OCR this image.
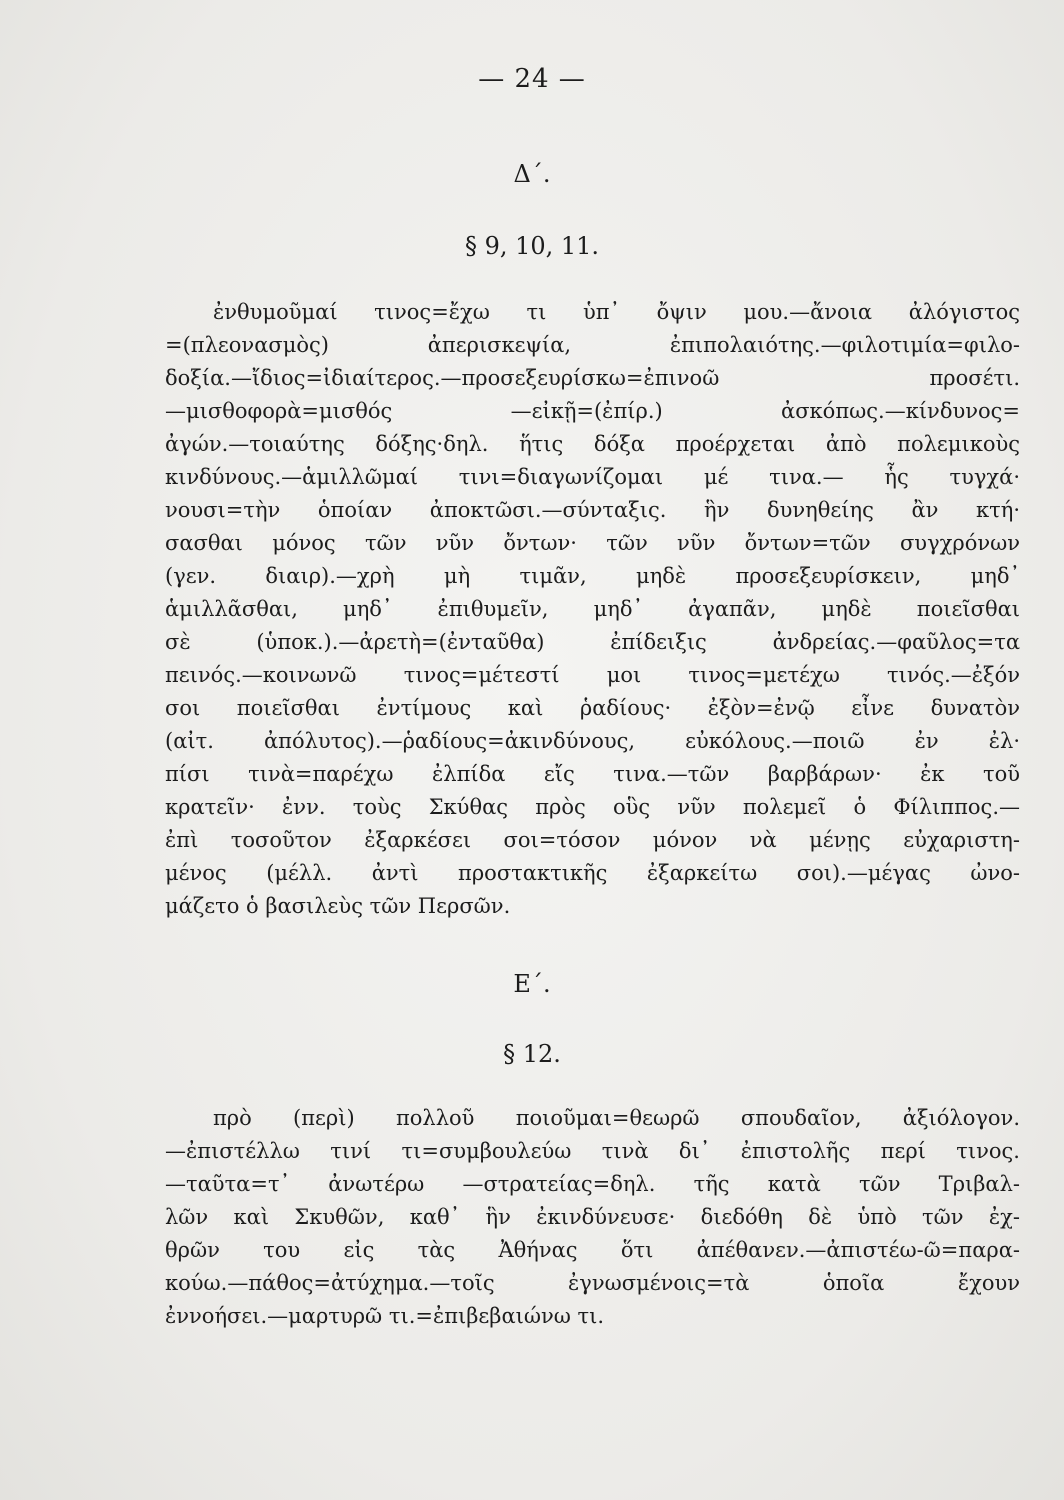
— 24 —
Δ΄.
§ 9, 10, 11.
ἐνθυμοῦμαί τινος=ἔχω τι ὑπ᾽ ὄψιν μου.—ἄνοια ἀλόγιστος
=(πλεονασμὸς) ἀπερισκεψία, ἐπιπολαιότης.—φιλοτιμία=φιλο-
δοξία.—ἴδιος=ἰδιαίτερος.—προσεξευρίσκω=ἐπινοῶ προσέτι.
—μισθοφορὰ=μισθός —εἰκῇ=(ἐπίρ.) ἀσκόπως.—κίνδυνος=
ἀγών.—τοιαύτης δόξης·δηλ. ἥτις δόξα προέρχεται ἀπὸ πολεμικοὺς
κινδύνους.—ἁμιλλῶμαί τινι=διαγωνίζομαι μέ τινα.— ἧς τυγχά·
νουσι=τὴν ὁποίαν ἀποκτῶσι.—σύνταξις. ἣν δυνηθείης ἂν κτή·
σασθαι μόνος τῶν νῦν ὄντων· τῶν νῦν ὄντων=τῶν συγχρόνων
(γεν. διαιρ).—χρὴ μὴ τιμᾶν, μηδὲ προσεξευρίσκειν, μηδ᾽
ἁμιλλᾶσθαι, μηδ᾽ ἐπιθυμεῖν, μηδ᾽ ἀγαπᾶν, μηδὲ ποιεῖσθαι
σὲ (ὑποκ.).—ἀρετὴ=(ἐνταῦθα) ἐπίδειξις ἀνδρείας.—φαῦλος=τα
πεινός.—κοινωνῶ τινος=μέτεστί μοι τινος=μετέχω τινός.—ἐξόν
σοι ποιεῖσθαι ἐντίμους καὶ ῥαδίους· ἐξὸν=ἐνῷ εἶνε δυνατὸν
(αἰτ. ἀπόλυτος).—ῥαδίους=ἀκινδύνους, εὐκόλους.—ποιῶ ἐν ἐλ·
πίσι τινὰ=παρέχω ἐλπίδα εἴς τινα.—τῶν βαρβάρων· ἐκ τοῦ
κρατεῖν· ἐνν. τοὺς Σκύθας πρὸς οὓς νῦν πολεμεῖ ὁ Φίλιππος.—
ἐπὶ τοσοῦτον ἐξαρκέσει σοι=τόσον μόνον νὰ μένῃς εὐχαριστη-
μένος (μέλλ. ἀντὶ προστακτικῆς ἐξαρκείτω σοι).—μέγας ὠνο-
μάζετο ὁ βασιλεὺς τῶν Περσῶν.
Ε΄.
§ 12.
πρὸ (περὶ) πολλοῦ ποιοῦμαι=θεωρῶ σπουδαῖον, ἀξιόλογον.
—ἐπιστέλλω τινί τι=συμβουλεύω τινὰ δι᾽ ἐπιστολῆς περί τινος.
—ταῦτα=τ᾽ ἀνωτέρω —στρατείας=δηλ. τῆς κατὰ τῶν Τριβαλ-
λῶν καὶ Σκυθῶν, καθ᾽ ἣν ἐκινδύνευσε· διεδόθη δὲ ὑπὸ τῶν ἐχ-
θρῶν του εἰς τὰς Ἀθήνας ὅτι ἀπέθανεν.—ἀπιστέω-ῶ=παρα-
κούω.—πάθος=ἀτύχημα.—τοῖς ἐγνωσμένοις=τὰ ὁποῖα ἔχουν
ἐννοήσει.—μαρτυρῶ τι.=ἐπιβεβαιώνω τι.
